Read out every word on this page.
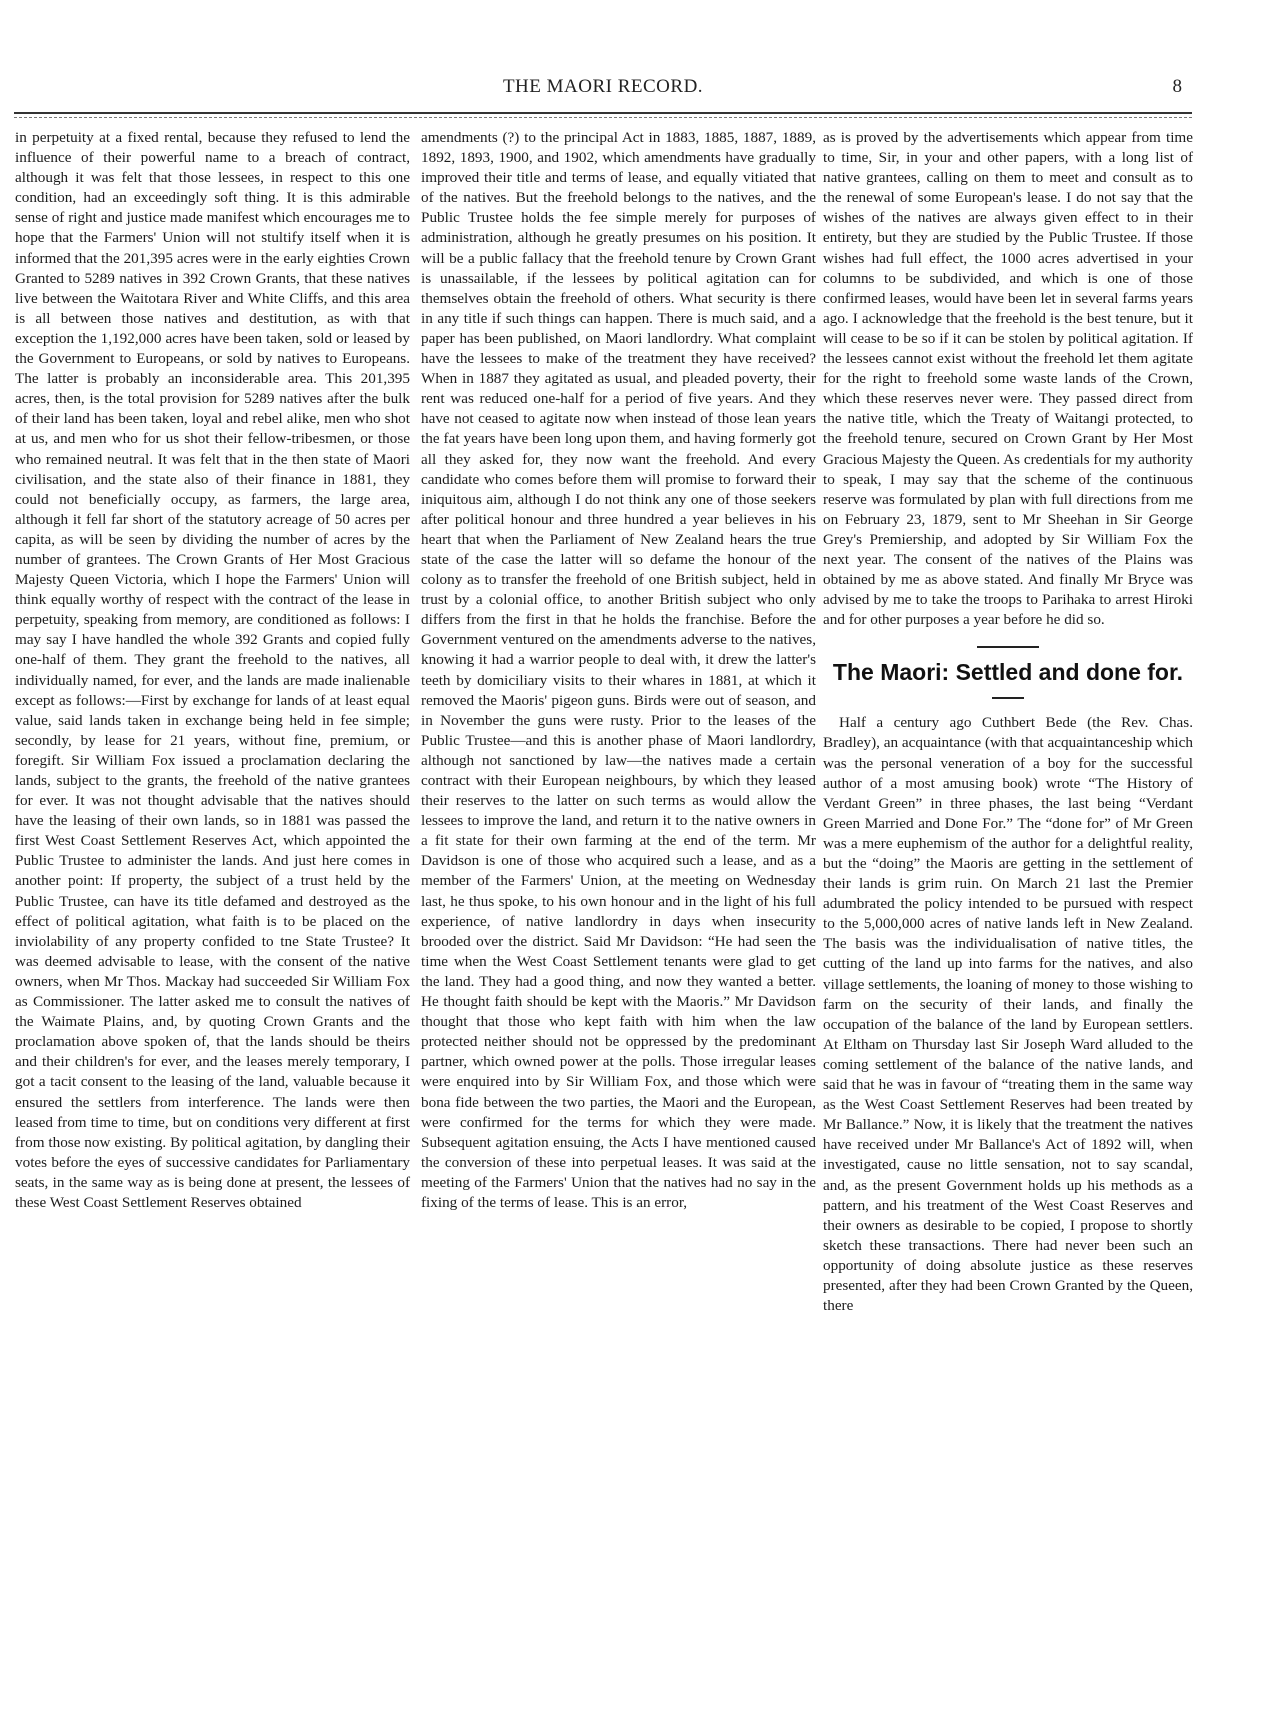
THE MAORI RECORD.	8

in perpetuity at a fixed rental, because they refused to lend the influence of their powerful name to a breach of contract, although it was felt that those lessees, in respect to this one condition, had an exceedingly soft thing. It is this admirable sense of right and justice made manifest which encourages me to hope that the Farmers' Union will not stultify itself when it is informed that the 201,395 acres were in the early eighties Crown Granted to 5289 natives in 392 Crown Grants, that these natives live between the Waitotara River and White Cliffs, and this area is all between those natives and destitution, as with that exception the 1,192,000 acres have been taken, sold or leased by the Government to Europeans, or sold by natives to Europeans. The latter is probably an inconsiderable area. This 201,395 acres, then, is the total provision for 5289 natives after the bulk of their land has been taken, loyal and rebel alike, men who shot at us, and men who for us shot their fellow-tribesmen, or those who remained neutral. It was felt that in the then state of Maori civilisation, and the state also of their finance in 1881, they could not beneficially occupy, as farmers, the large area, although it fell far short of the statutory acreage of 50 acres per capita, as will be seen by dividing the number of acres by the number of grantees. The Crown Grants of Her Most Gracious Majesty Queen Victoria, which I hope the Farmers' Union will think equally worthy of respect with the contract of the lease in perpetuity, speaking from memory, are conditioned as follows: I may say I have handled the whole 392 Grants and copied fully one-half of them. They grant the freehold to the natives, all individually named, for ever, and the lands are made inalienable except as follows:—First by exchange for lands of at least equal value, said lands taken in exchange being held in fee simple; secondly, by lease for 21 years, without fine, premium, or foregift. Sir William Fox issued a proclamation declaring the lands, subject to the grants, the freehold of the native grantees for ever. It was not thought advisable that the natives should have the leasing of their own lands, so in 1881 was passed the first West Coast Settlement Reserves Act, which appointed the Public Trustee to administer the lands. And just here comes in another point: If property, the subject of a trust held by the Public Trustee, can have its title defamed and destroyed as the effect of political agitation, what faith is to be placed on the inviolability of any property confided to tne State Trustee? It was deemed advisable to lease, with the consent of the native owners, when Mr Thos. Mackay had succeeded Sir William Fox as Commissioner. The latter asked me to consult the natives of the Waimate Plains, and, by quoting Crown Grants and the proclamation above spoken of, that the lands should be theirs and their children's for ever, and the leases merely temporary, I got a tacit consent to the leasing of the land, valuable because it ensured the settlers from interference. The lands were then leased from time to time, but on conditions very different at first from those now existing. By political agitation, by dangling their votes before the eyes of successive candidates for Parliamentary seats, in the same way as is being done at present, the lessees of these West Coast Settlement Reserves obtained

amendments (?) to the principal Act in 1883, 1885, 1887, 1889, 1892, 1893, 1900, and 1902, which amendments have gradually improved their title and terms of lease, and equally vitiated that of the natives. But the freehold belongs to the natives, and the Public Trustee holds the fee simple merely for purposes of administration, although he greatly presumes on his position. It will be a public fallacy that the freehold tenure by Crown Grant is unassailable, if the lessees by political agitation can for themselves obtain the freehold of others. What security is there in any title if such things can happen. There is much said, and a paper has been published, on Maori landlordry. What complaint have the lessees to make of the treatment they have received? When in 1887 they agitated as usual, and pleaded poverty, their rent was reduced one-half for a period of five years. And they have not ceased to agitate now when instead of those lean years the fat years have been long upon them, and having formerly got all they asked for, they now want the freehold. And every candidate who comes before them will promise to forward their iniquitous aim, although I do not think any one of those seekers after political honour and three hundred a year believes in his heart that when the Parliament of New Zealand hears the true state of the case the latter will so defame the honour of the colony as to transfer the freehold of one British subject, held in trust by a colonial office, to another British subject who only differs from the first in that he holds the franchise. Before the Government ventured on the amendments adverse to the natives, knowing it had a warrior people to deal with, it drew the latter's teeth by domiciliary visits to their whares in 1881, at which it removed the Maoris' pigeon guns. Birds were out of season, and in November the guns were rusty. Prior to the leases of the Public Trustee—and this is another phase of Maori landlordry, although not sanctioned by law—the natives made a certain contract with their European neighbours, by which they leased their reserves to the latter on such terms as would allow the lessees to improve the land, and return it to the native owners in a fit state for their own farming at the end of the term. Mr Davidson is one of those who acquired such a lease, and as a member of the Farmers' Union, at the meeting on Wednesday last, he thus spoke, to his own honour and in the light of his full experience, of native landlordry in days when insecurity brooded over the district. Said Mr Davidson: “He had seen the time when the West Coast Settlement tenants were glad to get the land. They had a good thing, and now they wanted a better. He thought faith should be kept with the Maoris.” Mr Davidson thought that those who kept faith with him when the law protected neither should not be oppressed by the predominant partner, which owned power at the polls. Those irregular leases were enquired into by Sir William Fox, and those which were bona fide between the two parties, the Maori and the European, were confirmed for the terms for which they were made. Subsequent agitation ensuing, the Acts I have mentioned caused the conversion of these into perpetual leases. It was said at the meeting of the Farmers' Union that the natives had no say in the fixing of the terms of lease. This is an error,

as is proved by the advertisements which appear from time to time, Sir, in your and other papers, with a long list of native grantees, calling on them to meet and consult as to the renewal of some European's lease. I do not say that the wishes of the natives are always given effect to in their entirety, but they are studied by the Public Trustee. If those wishes had full effect, the 1000 acres advertised in your columns to be subdivided, and which is one of those confirmed leases, would have been let in several farms years ago. I acknowledge that the freehold is the best tenure, but it will cease to be so if it can be stolen by political agitation. If the lessees cannot exist without the freehold let them agitate for the right to freehold some waste lands of the Crown, which these reserves never were. They passed direct from the native title, which the Treaty of Waitangi protected, to the freehold tenure, secured on Crown Grant by Her Most Gracious Majesty the Queen. As credentials for my authority to speak, I may say that the scheme of the continuous reserve was formulated by plan with full directions from me on February 23, 1879, sent to Mr Sheehan in Sir George Grey's Premiership, and adopted by Sir William Fox the next year. The consent of the natives of the Plains was obtained by me as above stated. And finally Mr Bryce was advised by me to take the troops to Parihaka to arrest Hiroki and for other purposes a year before he did so.

The Maori: Settled and done for.

Half a century ago Cuthbert Bede (the Rev. Chas. Bradley), an acquaintance (with that acquaintanceship which was the personal veneration of a boy for the successful author of a most amusing book) wrote “The History of Verdant Green” in three phases, the last being “Verdant Green Married and Done For.” The “done for” of Mr Green was a mere euphemism of the author for a delightful reality, but the “doing” the Maoris are getting in the settlement of their lands is grim ruin. On March 21 last the Premier adumbrated the policy intended to be pursued with respect to the 5,000,000 acres of native lands left in New Zealand. The basis was the individualisation of native titles, the cutting of the land up into farms for the natives, and also village settlements, the loaning of money to those wishing to farm on the security of their lands, and finally the occupation of the balance of the land by European settlers. At Eltham on Thursday last Sir Joseph Ward alluded to the coming settlement of the balance of the native lands, and said that he was in favour of “treating them in the same way as the West Coast Settlement Reserves had been treated by Mr Ballance.” Now, it is likely that the treatment the natives have received under Mr Ballance's Act of 1892 will, when investigated, cause no little sensation, not to say scandal, and, as the present Government holds up his methods as a pattern, and his treatment of the West Coast Reserves and their owners as desirable to be copied, I propose to shortly sketch these transactions. There had never been such an opportunity of doing absolute justice as these reserves presented, after they had been Crown Granted by the Queen, there
